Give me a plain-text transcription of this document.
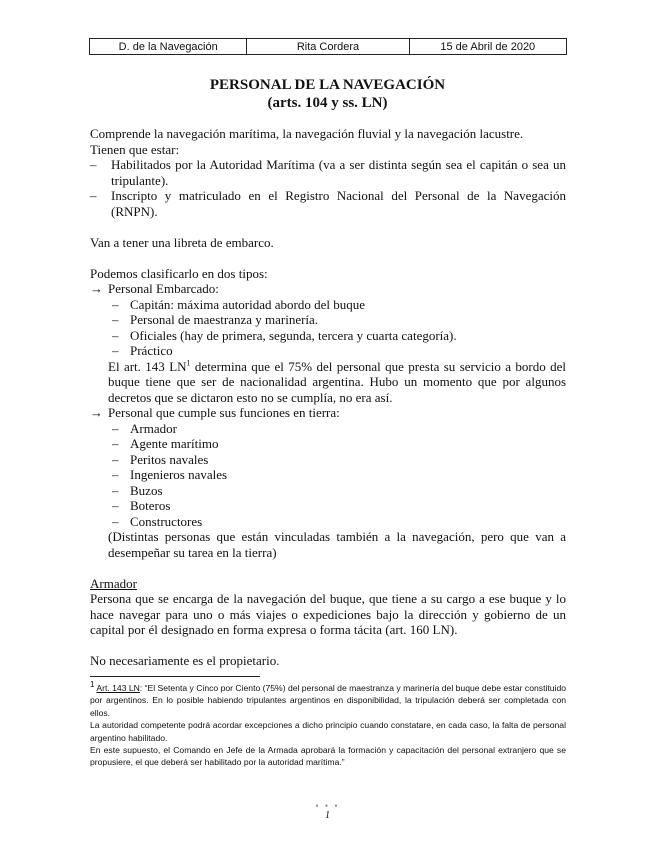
D. de la Navegación	Rita Cordera	15 de Abril de 2020
PERSONAL DE LA NAVEGACIÓN
(arts. 104 y ss. LN)

Comprende la navegación marítima, la navegación fluvial y la navegación lacustre.

Tienen que estar:

– Habilitados por la Autoridad Marítima (va a ser distinta según sea el capitán o sea un tripulante).
– Inscripto y matriculado en el Registro Nacional del Personal de la Navegación (RNPN).

Van a tener una libreta de embarco.

Podemos clasificarlo en dos tipos:

→ Personal Embarcado:
– Capitán: máxima autoridad abordo del buque
– Personal de maestranza y marinería.
– Oficiales (hay de primera, segunda, tercera y cuarta categoría).
– Práctico
El art. 143 $LN^1$ determina que el 75% del personal que presta su servicio a bordo del buque tiene que ser de nacionalidad argentina. Hubo un momento que por algunos decretos que se dictaron esto no se cumplía, no era así.
→ Personal que cumple sus funciones en tierra:
– Armador
– Agente marítimo
– Peritos navales
– Ingenieros navales
– Buzos
– Boteros
– Constructores
(Distintas personas que están vinculadas también a la navegación, pero que van a desempeñar su tarea en la tierra)

Armador

Persona que se encarga de la navegación del buque, que tiene a su cargo a ese buque y lo hace navegar para uno o más viajes o expediciones bajo la dirección y gobierno de un capital por él designado en forma expresa o forma tácita (art. 160 LN).

No necesariamente es el propietario.

$^1$ Art. 143 LN: “El Setenta y Cinco por Ciento (75%) del personal de maestranza y marinería del buque debe estar constituido por argentinos. En lo posible habiendo tripulantes argentinos en disponibilidad, la tripulación deberá ser completada con ellos.

La autoridad competente podrá acordar excepciones a dicho principio cuando constatare, en cada caso, la falta de personal argentino habilitado.

En este supuesto, el Comando en Jefe de la Armada aprobará la formación y capacitación del personal extranjero que se propusiere, el que deberá ser habilitado por la autoridad marítima.”

• • •
1
